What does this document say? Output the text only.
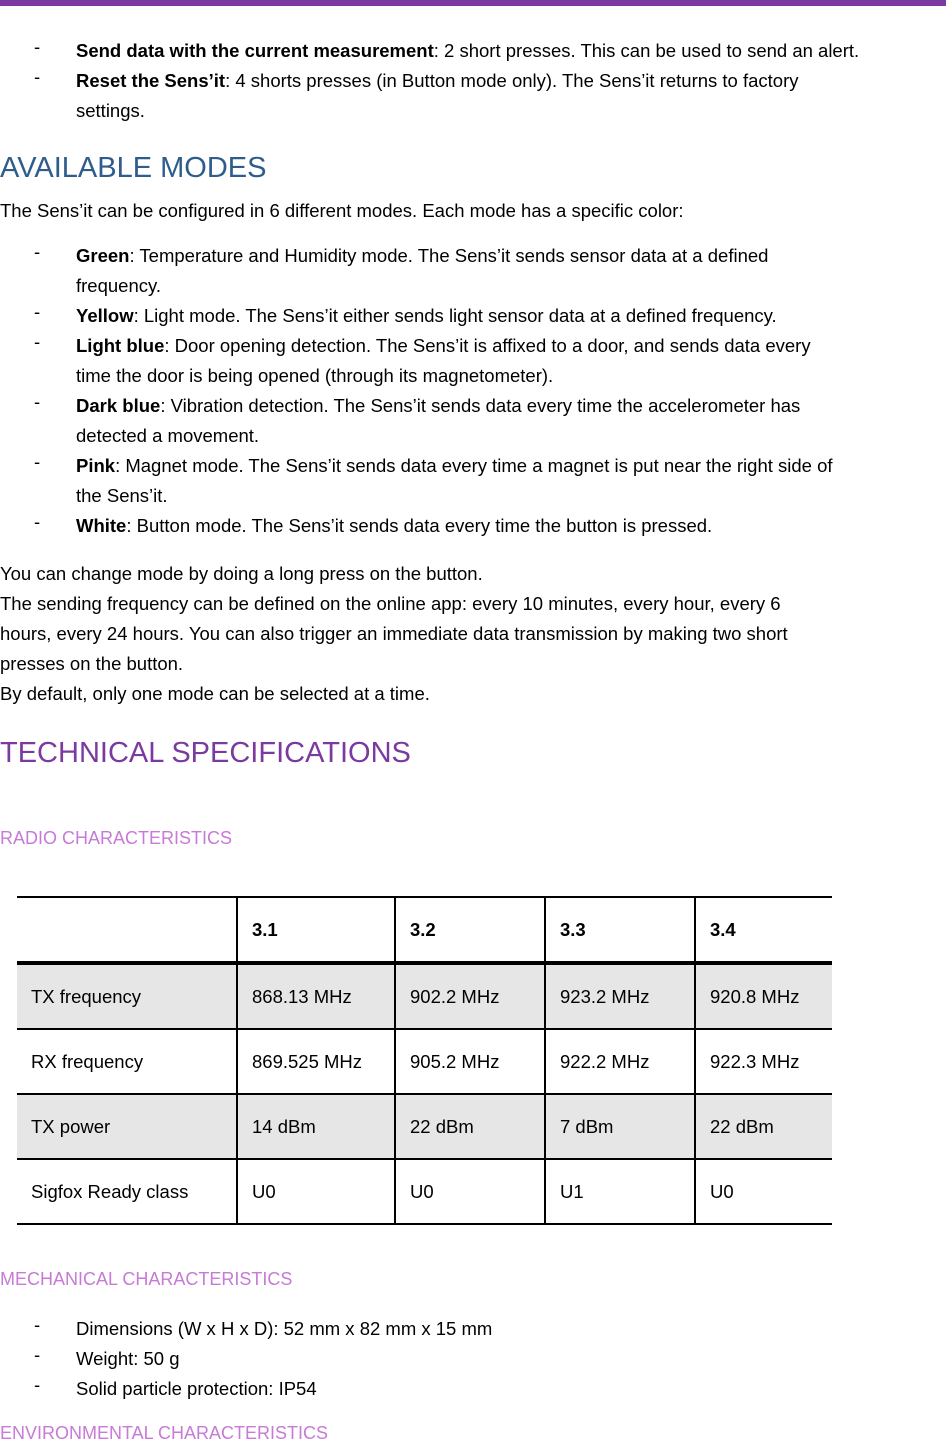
- Send data with the current measurement: 2 short presses. This can be used to send an alert.
- Reset the Sens’it: 4 shorts presses (in Button mode only). The Sens’it returns to factory
settings.
AVAILABLE MODES
The Sens’it can be configured in 6 different modes. Each mode has a specific color:
- Green: Temperature and Humidity mode. The Sens’it sends sensor data at a defined
frequency.
- Yellow: Light mode. The Sens’it either sends light sensor data at a defined frequency.
- Light blue: Door opening detection. The Sens’it is affixed to a door, and sends data every
time the door is being opened (through its magnetometer).
- Dark blue: Vibration detection. The Sens’it sends data every time the accelerometer has
detected a movement.
- Pink: Magnet mode. The Sens’it sends data every time a magnet is put near the right side of
the Sens’it.
- White: Button mode. The Sens’it sends data every time the button is pressed.
You can change mode by doing a long press on the button.
The sending frequency can be defined on the online app: every 10 minutes, every hour, every 6
hours, every 24 hours. You can also trigger an immediate data transmission by making two short
presses on the button.
By default, only one mode can be selected at a time.
TECHNICAL SPECIFICATIONS
RADIO CHARACTERISTICS
	3.1	3.2	3.3	3.4
TX frequency	868.13 MHz	902.2 MHz	923.2 MHz	920.8 MHz
RX frequency	869.525 MHz	905.2 MHz	922.2 MHz	922.3 MHz
TX power	14 dBm	22 dBm	7 dBm	22 dBm
Sigfox Ready class	U0	U0	U1	U0
MECHANICAL CHARACTERISTICS
- Dimensions (W x H x D): 52 mm x 82 mm x 15 mm
- Weight: 50 g
- Solid particle protection: IP54
ENVIRONMENTAL CHARACTERISTICS
